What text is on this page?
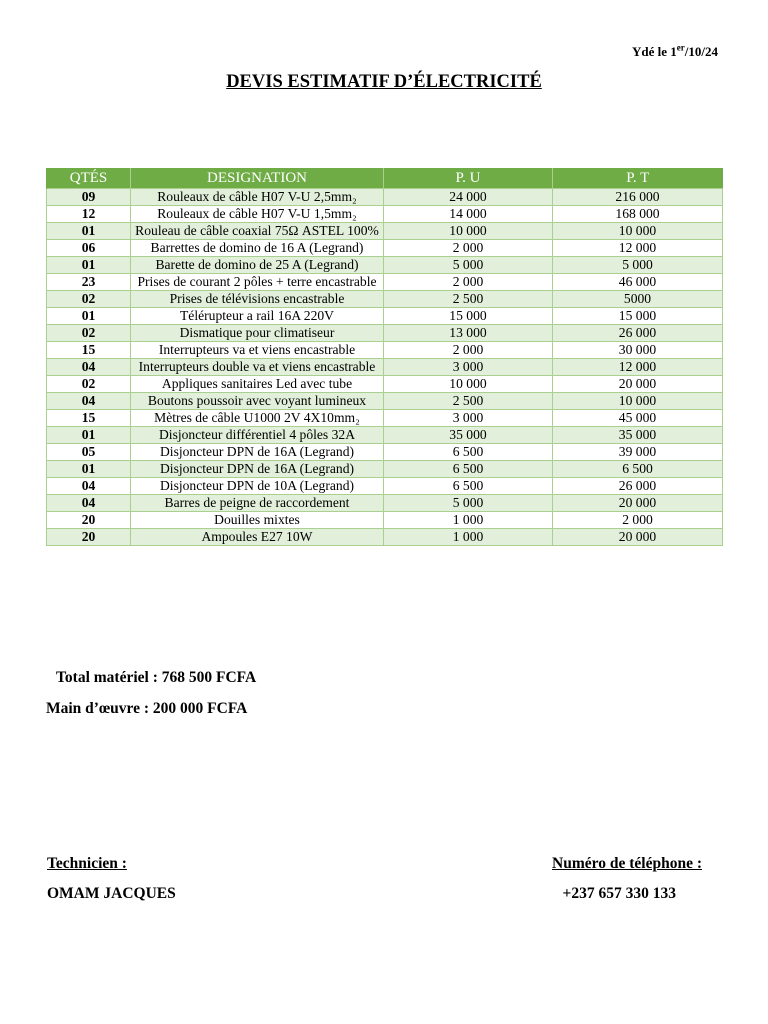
Ydé le 1er/10/24
DEVIS ESTIMATIF D’ÉLECTRICITÉ
QTÉS	DESIGNATION	P. U	P. T
09	Rouleaux de câble H07 V-U 2,5mm₂	24 000	216 000
12	Rouleaux de câble H07 V-U 1,5mm₂	14 000	168 000
01	Rouleau de câble coaxial 75Ω ASTEL 100%	10 000	10 000
06	Barrettes de domino de 16 A (Legrand)	2 000	12 000
01	Barette de domino de 25 A (Legrand)	5 000	5 000
23	Prises de courant 2 pôles + terre encastrable	2 000	46 000
02	Prises de télévisions encastrable	2 500	5000
01	Télérupteur a rail 16A 220V	15 000	15 000
02	Dismatique pour climatiseur	13 000	26 000
15	Interrupteurs va et viens encastrable	2 000	30 000
04	Interrupteurs double va et viens encastrable	3 000	12 000
02	Appliques sanitaires Led avec tube	10 000	20 000
04	Boutons poussoir avec voyant lumineux	2 500	10 000
15	Mètres de câble U1000 2V 4X10mm₂	3 000	45 000
01	Disjoncteur différentiel 4 pôles 32A	35 000	35 000
05	Disjoncteur DPN de 16A (Legrand)	6 500	39 000
01	Disjoncteur DPN de 16A (Legrand)	6 500	6 500
04	Disjoncteur DPN de 10A (Legrand)	6 500	26 000
04	Barres de peigne de raccordement	5 000	20 000
20	Douilles mixtes	1 000	2 000
20	Ampoules E27 10W	1 000	20 000
Total matériel : 768 500 FCFA
Main d’œuvre : 200 000 FCFA
Technicien :
OMAM JACQUES
Numéro de téléphone :
+237 657 330 133
